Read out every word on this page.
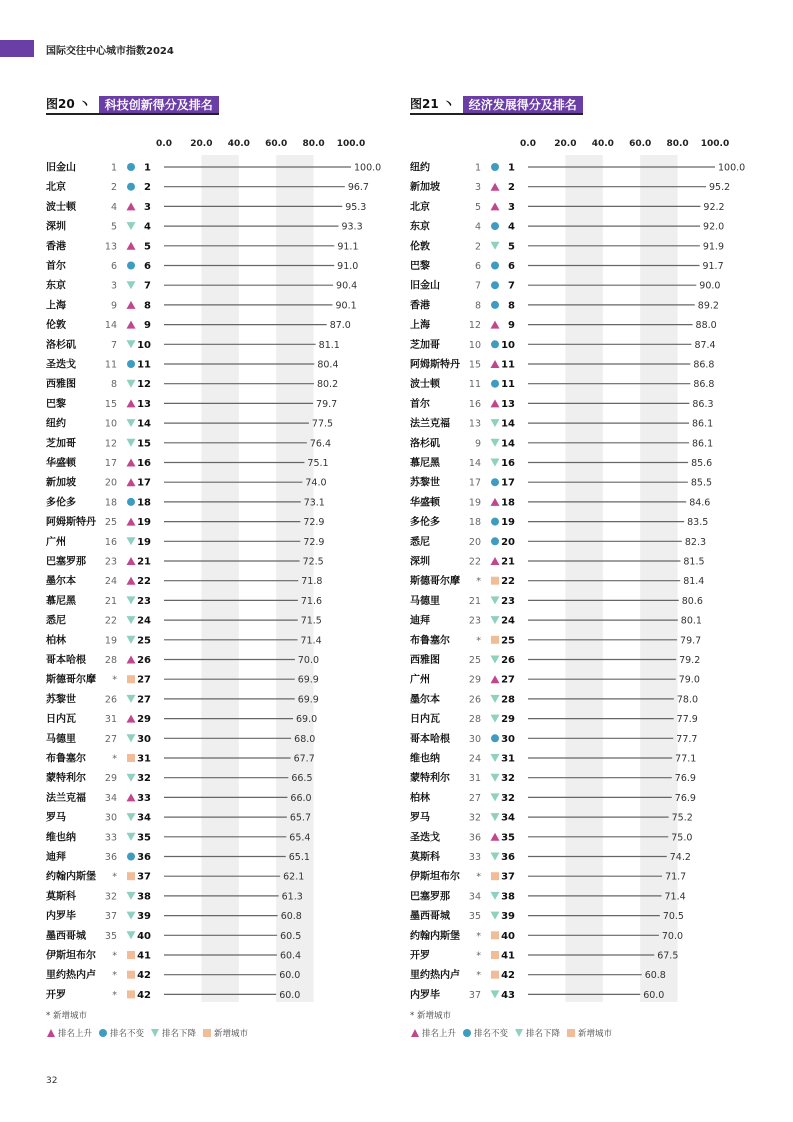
国际交往中心城市指数2024
图20 丶	科技创新得分及排名
0.0 20.0 40.0 60.0 80.0 100.0
旧金山	1	1	100.0
北京	2	2	96.7
波士顿	4	3	95.3
深圳	5	4	93.3
香港	13	5	91.1
首尔	6	6	91.0
东京	3	7	90.4
上海	9	8	90.1
伦敦	14	9	87.0
洛杉矶	7 10	81.1
圣迭戈	11 11	80.4
西雅图	8 12	80.2
巴黎	15 13	79.7
纽约	10 14	77.5
芝加哥	12 15	76.4
华盛顿	17 16	75.1
新加坡	20 17	74.0
多伦多	18 18	73.1
阿姆斯特丹 25 19	72.9
广州	16 19	72.9
巴塞罗那 23 21	72.5
墨尔本	24 22	71.8
慕尼黑	21 23	71.6
悉尼	22 24	71.5
柏林	19 25	71.4
哥本哈根 28 26	70.0
斯德哥尔摩 * 27	69.9
苏黎世	26 27	69.9
日内瓦	31 29	69.0
马德里	27 30	68.0
布鲁塞尔	* 31	67.7
蒙特利尔 29 32	66.5
法兰克福 34 33	66.0
罗马	30 34	65.7
维也纳	33 35	65.4
迪拜	36 36	65.1
约翰内斯堡 * 37	62.1
莫斯科	32 38	61.3
内罗毕	37 39	60.8
墨西哥城 35 40	60.5
伊斯坦布尔 * 41	60.4
里约热内卢 * 42	60.0
开罗	* 42	60.0
* 新增城市
排名上升 排名不变 排名下降 新增城市
图21 丶	经济发展得分及排名
0.0 20.0 40.0 60.0 80.0 100.0
纽约	1	1	100.0
新加坡	3	2	95.2
北京	5	3	92.2
东京	4	4	92.0
伦敦	2	5	91.9
巴黎	6	6	91.7
旧金山	7	7	90.0
香港	8	8	89.2
上海	12	9	88.0
芝加哥	10 10	87.4
阿姆斯特丹 15 11	86.8
波士顿	11 11	86.8
首尔	16 13	86.3
法兰克福 13 14	86.1
洛杉矶	9 14	86.1
慕尼黑	14 16	85.6
苏黎世	17 17	85.5
华盛顿	19 18	84.6
多伦多	18 19	83.5
悉尼	20 20	82.3
深圳	22 21	81.5
斯德哥尔摩 * 22	81.4
马德里	21 23	80.6
迪拜	23 24	80.1
布鲁塞尔	* 25	79.7
西雅图	25 26	79.2
广州	29 27	79.0
墨尔本	26 28	78.0
日内瓦	28 29	77.9
哥本哈根 30 30	77.7
维也纳	24 31	77.1
蒙特利尔 31 32	76.9
柏林	27 32	76.9
罗马	32 34	75.2
圣迭戈	36 35	75.0
莫斯科	33 36	74.2
伊斯坦布尔 * 37	71.7
巴塞罗那 34 38	71.4
墨西哥城 35 39	70.5
约翰内斯堡 * 40	70.0
开罗	* 41	67.5
里约热内卢 * 42	60.8
内罗毕	37 43	60.0
* 新增城市
排名上升 排名不变 排名下降 新增城市
32
